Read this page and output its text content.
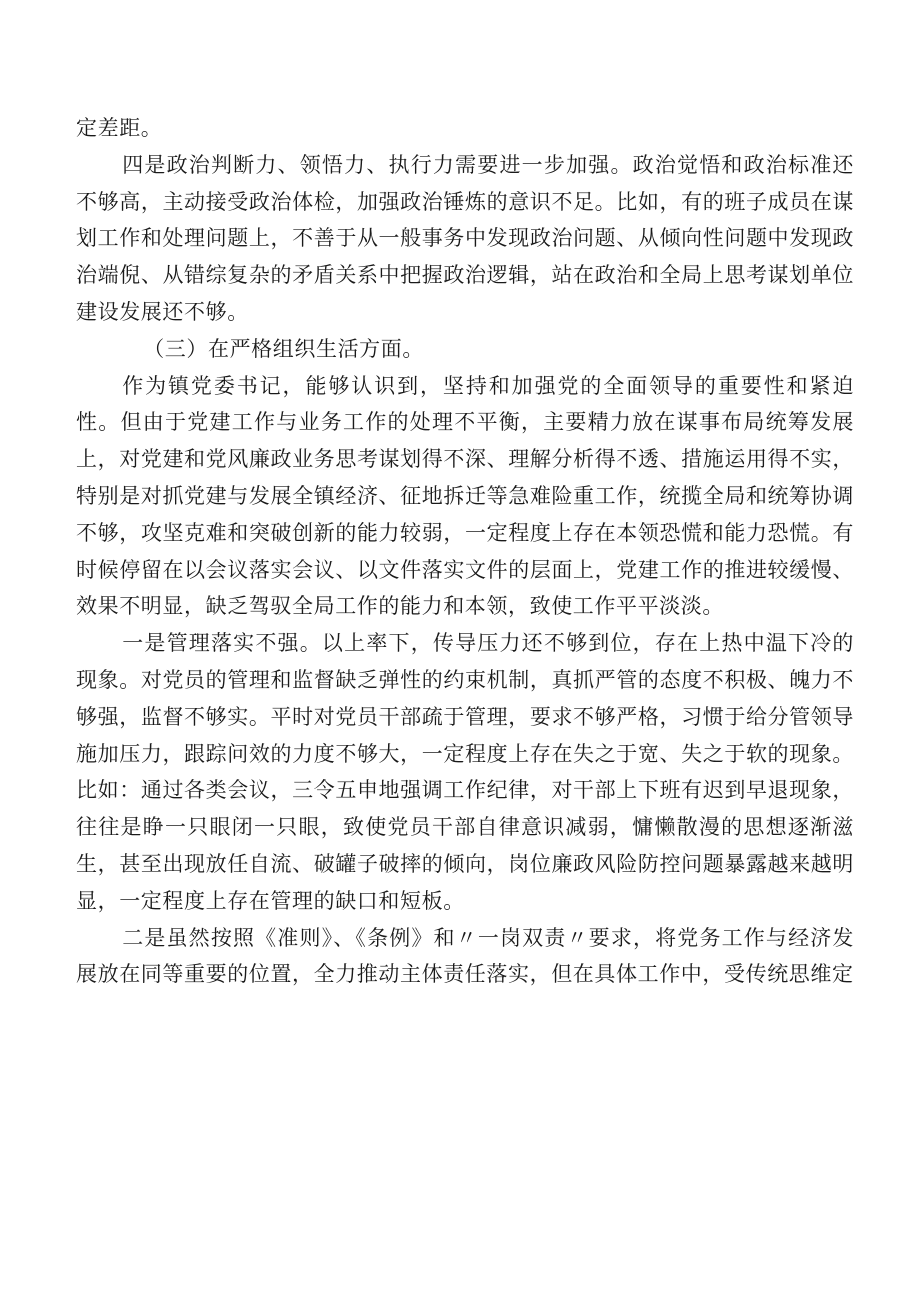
定差距。

四是政治判断力、领悟力、执行力需要进一步加强。政治觉悟和政治标准还不够高，主动接受政治体检，加强政治锤炼的意识不足。比如，有的班子成员在谋划工作和处理问题上，不善于从一般事务中发现政治问题、从倾向性问题中发现政治端倪、从错综复杂的矛盾关系中把握政治逻辑，站在政治和全局上思考谋划单位建设发展还不够。

（三）在严格组织生活方面。

作为镇党委书记，能够认识到，坚持和加强党的全面领导的重要性和紧迫性。但由于党建工作与业务工作的处理不平衡，主要精力放在谋事布局统筹发展上，对党建和党风廉政业务思考谋划得不深、理解分析得不透、措施运用得不实，特别是对抓党建与发展全镇经济、征地拆迁等急难险重工作，统揽全局和统筹协调不够，攻坚克难和突破创新的能力较弱，一定程度上存在本领恐慌和能力恐慌。有时候停留在以会议落实会议、以文件落实文件的层面上，党建工作的推进较缓慢、效果不明显，缺乏驾驭全局工作的能力和本领，致使工作平平淡淡。

一是管理落实不强。以上率下，传导压力还不够到位，存在上热中温下冷的现象。对党员的管理和监督缺乏弹性的约束机制，真抓严管的态度不积极、魄力不够强，监督不够实。平时对党员干部疏于管理，要求不够严格，习惯于给分管领导施加压力，跟踪问效的力度不够大，一定程度上存在失之于宽、失之于软的现象。比如：通过各类会议，三令五申地强调工作纪律，对干部上下班有迟到早退现象，往往是睁一只眼闭一只眼，致使党员干部自律意识减弱，慵懒散漫的思想逐渐滋生，甚至出现放任自流、破罐子破摔的倾向，岗位廉政风险防控问题暴露越来越明显，一定程度上存在管理的缺口和短板。

二是虽然按照《准则》、《条例》和〃一岗双责〃要求，将党务工作与经济发展放在同等重要的位置，全力推动主体责任落实，但在具体工作中，受传统思维定
